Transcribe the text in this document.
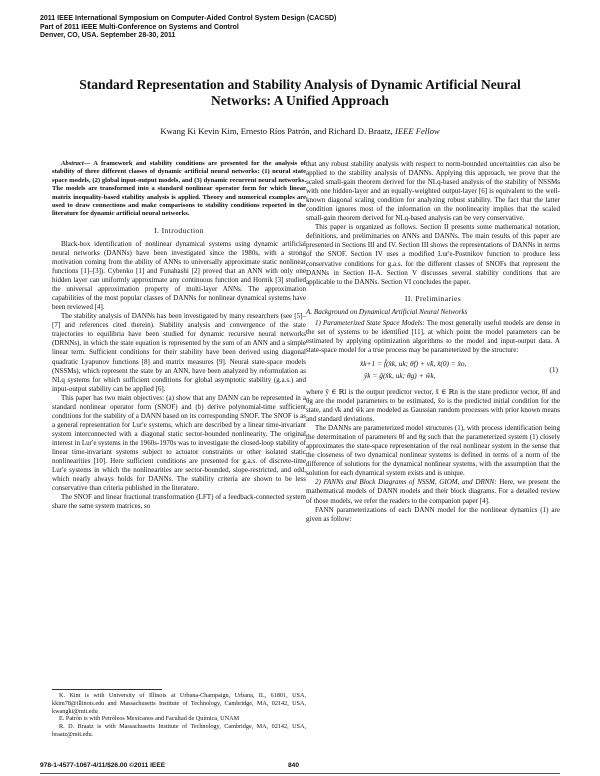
2011 IEEE International Symposium on Computer-Aided Control System Design (CACSD)
Part of 2011 IEEE Multi-Conference on Systems and Control
Denver, CO, USA. September 28-30, 2011
Standard Representation and Stability Analysis of Dynamic Artificial Neural Networks: A Unified Approach
Kwang Ki Kevin Kim, Ernesto Ríos Patrón, and Richard D. Braatz, IEEE Fellow

Abstract— A framework and stability conditions are presented for the analysis of stability of three different classes of dynamic artificial neural networks: (1) neural state space models, (2) global input-output models, and (3) dynamic recurrent neural networks. The models are transformed into a standard nonlinear operator form for which linear matrix inequality-based stability analysis is applied. Theory and numerical examples are used to draw connections and make comparisons to stability conditions reported in the literature for dynamic artificial neural networks.

I. Introduction

Black-box identification of nonlinear dynamical systems using dynamic artificial neural networks (DANNs) have been investigated since the 1980s, with a strong motivation coming from the ability of ANNs to universally approximate static nonlinear functions [1]–[3]). Cybenko [1] and Funahashi [2] proved that an ANN with only one hidden layer can uniformly approximate any continuous function and Hornik [3] studied the universal approximation property of multi-layer ANNs. The approximation capabilities of the most popular classes of DANNs for nonlinear dynamical systems have been reviewed [4].

The stability analysis of DANNs has been investigated by many researchers (see [5]–[7] and references cited therein). Stability analysis and convergence of the state trajectories to equilibria have been studied for dynamic recursive neural networks (DRNNs), in which the state equation is represented by the sum of an ANN and a simple linear term. Sufficient conditions for their stability have been derived using diagonal quadratic Lyapunov functions [8] and matrix measures [9]. Neural state-space models (NSSMs), which represent the state by an ANN, have been analyzed by reformulation as NLq systems for which sufficient conditions for global asymptotic stability (g.a.s.) and input-output stability can be applied [6].

This paper has two main objectives: (a) show that any DANN can be represented in a standard nonlinear operator form (SNOF) and (b) derive polynomial-time sufficient conditions for the stability of a DANN based on its corresponding SNOF. The SNOF is as a general representation for Lur'e systems, which are described by a linear time-invariant system interconnected with a diagonal static sector-bounded nonlinearity. The original interest in Lur'e systems in the 1960s-1970s was to investigate the closed-loop stability of linear time-invariant systems subject to actuator constraints or other isolated static nonlinearities [10]. Here sufficient conditions are presented for g.a.s. of discrete-time Lur'e systems in which the nonlinearities are sector-bounded, slope-restricted, and odd, which nearly always holds for DANNs. The stability criteria are shown to be less conservative than criteria published in the literature.

The SNOF and linear fractional transformation (LFT) of a feedback-connected system share the same system matrices, so

K. Kim is with University of Illinois at Urbana-Champaign, Urbana, IL, 61801, USA, kkim78@illinois.edu and Massachusetts Institute of Technology, Cambridge, MA, 02142, USA, kwangki@mit.edu

E. Patrón is with Petróleos Mexicanos and Facultad de Química, UNAM

R. D. Braatz is with Massachusetts Institute of Technology, Cambridge, MA, 02142, USA, braatz@mit.edu.

that any robust stability analysis with respect to norm-bounded uncertainties can also be applied to the stability analysis of DANNs. Applying this approach, we prove that the scaled small-gain theorem derived for the NLq-based analysis of the stability of NSSMs with one hidden-layer and an equally-weighted output-layer [6] is equivalent to the well-known diagonal scaling condition for analyzing robust stability. The fact that the latter condition ignores most of the information on the nonlinearity implies that the scaled small-gain theorem derived for NLq-based analysis can be very conservative.

This paper is organized as follows. Section II presents some mathematical notation, definitions, and preliminaries on ANNs and DANNs. The main results of this paper are presented in Sections III and IV. Section III shows the representations of DANNs in terms of the SNOF. Section IV uses a modified Lur'e-Postnikov function to produce less conservative conditions for g.a.s. for the different classes of SNOFs that represent the DANNs in Section II-A. Section V discusses several stability conditions that are applicable to the DANNs. Section VI concludes the paper.

II. Preliminaries
A. Background on Dynamical Artificial Neural Networks

1) Parameterized State Space Models: The most generally useful models are dense in the set of systems to be identified [11], at which point the model parameters can be estimated by applying optimization algorithms to the model and input-output data. A state-space model for a true process may be parameterized by the structure:

x̂k+1 = f̂(x̂k, uk; θf) + ν̂k, x̂(0) = x̂o,
ŷk = ĝ(x̂k, uk; θg) + ŵk,
(1)

where ŷ ∈ ℝl is the output predictor vector, x̂ ∈ ℝn is the state predictor vector, θf and θg are the model parameters to be estimated, x̂o is the predicted initial condition for the state, and ν̂k and ŵk are modeled as Gaussian random processes with prior known means and standard deviations.

The DANNs are parameterized model structures (1), with process identification being the determination of parameters θf and θg such that the parameterized system (1) closely approximates the state-space representation of the real nonlinear system in the sense that the closeness of two dynamical nonlinear systems is defined in terms of a norm of the difference of solutions for the dynamical nonlinear systems, with the assumption that the solution for each dynamical system exists and is unique.

2) FANNs and Block Diagrams of NSSM, GIOM, and DRNN: Here, we present the mathematical models of DANN models and their block diagrams. For a detailed review of those models, we refer the readers to the companion paper [4].

FANN parameterizations of each DANN model for the nonlinear dynamics (1) are given as follow:

978-1-4577-1067-4/11/$26.00 ©2011 IEEE	840
